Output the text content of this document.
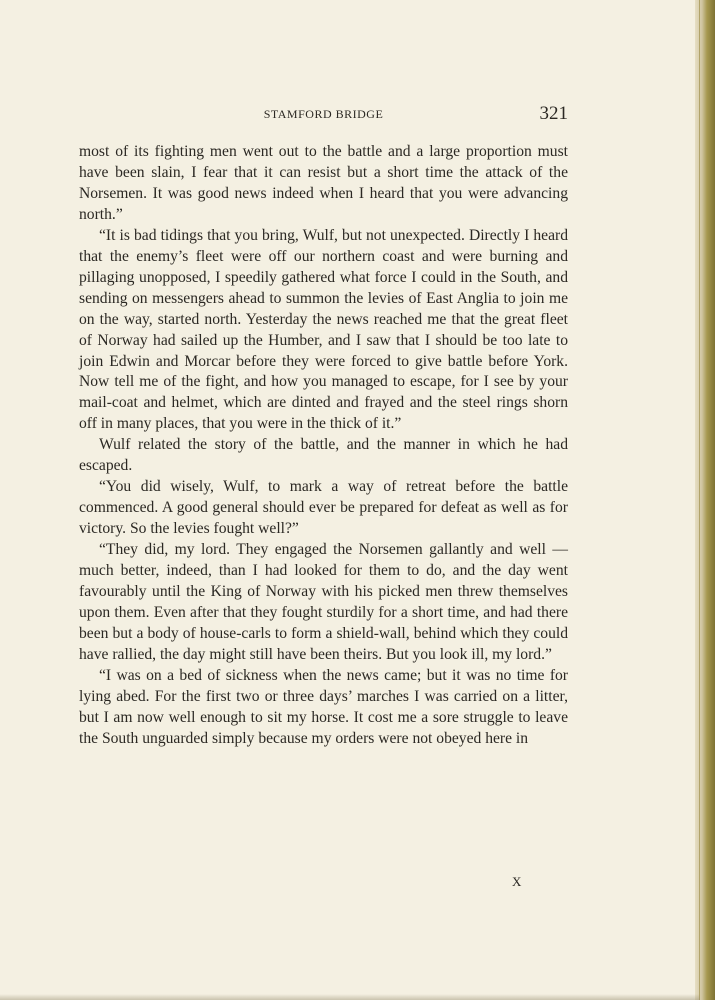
STAMFORD BRIDGE	321

most of its fighting men went out to the battle and a large proportion must have been slain, I fear that it can resist but a short time the attack of the Norsemen. It was good news indeed when I heard that you were advancing north.”

“It is bad tidings that you bring, Wulf, but not unexpected. Directly I heard that the enemy’s fleet were off our northern coast and were burning and pillaging unopposed, I speedily gathered what force I could in the South, and sending on messengers ahead to summon the levies of East Anglia to join me on the way, started north. Yesterday the news reached me that the great fleet of Norway had sailed up the Humber, and I saw that I should be too late to join Edwin and Morcar before they were forced to give battle before York. Now tell me of the fight, and how you managed to escape, for I see by your mail-coat and helmet, which are dinted and frayed and the steel rings shorn off in many places, that you were in the thick of it.”

Wulf related the story of the battle, and the manner in which he had escaped.

“You did wisely, Wulf, to mark a way of retreat before the battle commenced. A good general should ever be prepared for defeat as well as for victory. So the levies fought well?”

“They did, my lord. They engaged the Norsemen gallantly and well — much better, indeed, than I had looked for them to do, and the day went favourably until the King of Norway with his picked men threw themselves upon them. Even after that they fought sturdily for a short time, and had there been but a body of house-carls to form a shield-wall, behind which they could have rallied, the day might still have been theirs. But you look ill, my lord.”

“I was on a bed of sickness when the news came; but it was no time for lying abed. For the first two or three days’ marches I was carried on a litter, but I am now well enough to sit my horse. It cost me a sore struggle to leave the South unguarded simply because my orders were not obeyed here in

X
